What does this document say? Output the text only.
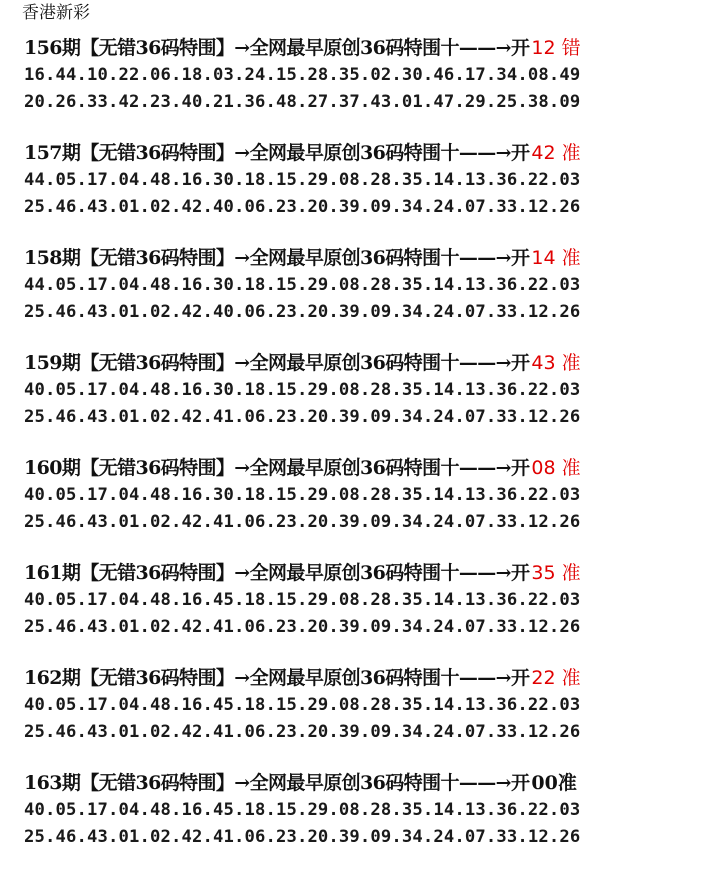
香港新彩
156期 【无错36码特围】→全网最早原创36码特围十——→开 12 错
16.44.10.22.06.18.03.24.15.28.35.02.30.46.17.34.08.49
20.26.33.42.23.40.21.36.48.27.37.43.01.47.29.25.38.09
157期 【无错36码特围】→全网最早原创36码特围十——→开 42 准
44.05.17.04.48.16.30.18.15.29.08.28.35.14.13.36.22.03
25.46.43.01.02.42.40.06.23.20.39.09.34.24.07.33.12.26
158期 【无错36码特围】→全网最早原创36码特围十——→开 14 准
44.05.17.04.48.16.30.18.15.29.08.28.35.14.13.36.22.03
25.46.43.01.02.42.40.06.23.20.39.09.34.24.07.33.12.26
159期 【无错36码特围】→全网最早原创36码特围十——→开 43 准
40.05.17.04.48.16.30.18.15.29.08.28.35.14.13.36.22.03
25.46.43.01.02.42.41.06.23.20.39.09.34.24.07.33.12.26
160期 【无错36码特围】→全网最早原创36码特围十——→开 08 准
40.05.17.04.48.16.30.18.15.29.08.28.35.14.13.36.22.03
25.46.43.01.02.42.41.06.23.20.39.09.34.24.07.33.12.26
161期 【无错36码特围】→全网最早原创36码特围十——→开 35 准
40.05.17.04.48.16.45.18.15.29.08.28.35.14.13.36.22.03
25.46.43.01.02.42.41.06.23.20.39.09.34.24.07.33.12.26
162期 【无错36码特围】→全网最早原创36码特围十——→开 22 准
40.05.17.04.48.16.45.18.15.29.08.28.35.14.13.36.22.03
25.46.43.01.02.42.41.06.23.20.39.09.34.24.07.33.12.26
163期 【无错36码特围】→全网最早原创36码特围十——→开 00准
40.05.17.04.48.16.45.18.15.29.08.28.35.14.13.36.22.03
25.46.43.01.02.42.41.06.23.20.39.09.34.24.07.33.12.26
